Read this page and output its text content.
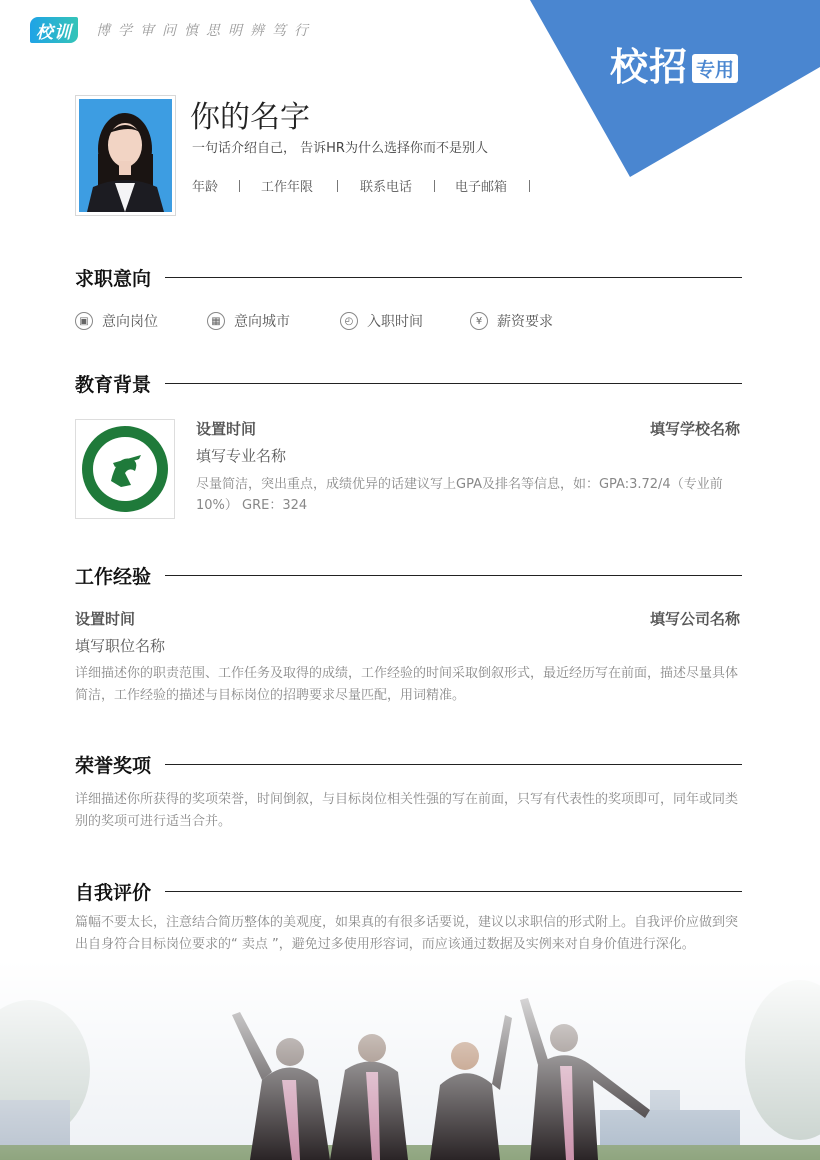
校训	博学审问慎思明辨笃行
校招 专用
你的名字
一句话介绍自己， 告诉HR为什么选择你而不是别人
年龄	工作年限	联系电话	电子邮箱
求职意向
▣ 意向岗位	▦ 意向城市	◴ 入职时间	¥	薪资要求
教育背景
设置时间	填写学校名称
填写专业名称
尽量简洁，突出重点，成绩优异的话建议写上GPA及排名等信息，如：GPA:3.72/4（专业前10%） GRE：324
工作经验
设置时间	填写公司名称
填写职位名称
详细描述你的职责范围、工作任务及取得的成绩，工作经验的时间采取倒叙形式，最近经历写在前面，描述尽量具体简洁，工作经验的描述与目标岗位的招聘要求尽量匹配，用词精准。
荣誉奖项
详细描述你所获得的奖项荣誉，时间倒叙，与目标岗位相关性强的写在前面，只写有代表性的奖项即可，同年或同类别的奖项可进行适当合并。
自我评价
篇幅不要太长，注意结合简历整体的美观度，如果真的有很多话要说，建议以求职信的形式附上。自我评价应做到突出自身符合目标岗位要求的“ 卖点 ”，避免过多使用形容词，而应该通过数据及实例来对自身价值进行深化。
